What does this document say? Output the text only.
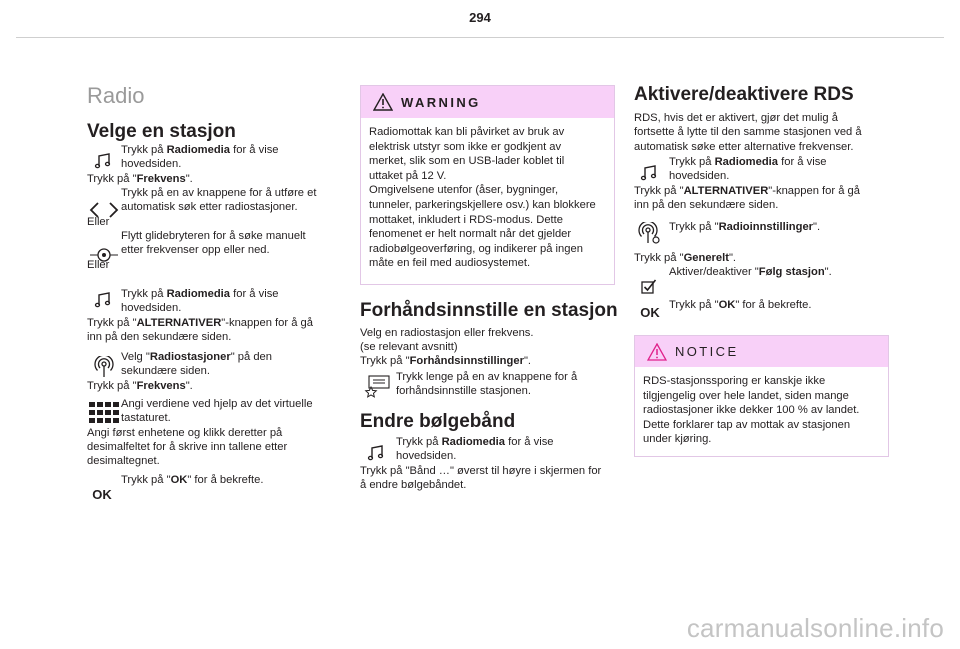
294
Radio
Velge en stasjon
Trykk på Radiomedia for å vise
hovedsiden.
Trykk på "Frekvens".
Trykk på en av knappene for å utføre et
automatisk søk etter radiostasjoner.
Eller
Flytt glidebryteren for å søke manuelt
etter frekvenser opp eller ned.
Eller
Trykk på Radiomedia for å vise
hovedsiden.
Trykk på "ALTERNATIVER"-knappen for å gå
inn på den sekundære siden.
Velg "Radiostasjoner" på den
sekundære siden.
Trykk på "Frekvens".
Angi verdiene ved hjelp av det virtuelle
tastaturet.
Angi først enhetene og klikk deretter på
desimalfeltet for å skrive inn tallene etter
desimaltegnet.
OK
Trykk på "OK" for å bekrefte.
WARNING
Radiomottak kan bli påvirket av bruk av
elektrisk utstyr som ikke er godkjent av
merket, slik som en USB-lader koblet til
uttaket på 12 V.
Omgivelsene utenfor (åser, bygninger,
tunneler, parkeringskjellere osv.) kan blokkere
mottaket, inkludert i RDS-modus. Dette
fenomenet er helt normalt når det gjelder
radiobølgeoverføring, og indikerer på ingen
måte en feil med audiosystemet.
Forhåndsinnstille en stasjon
Velg en radiostasjon eller frekvens.
(se relevant avsnitt)
Trykk på "Forhåndsinnstillinger".
Trykk lenge på en av knappene for å
forhåndsinnstille stasjonen.
Endre bølgebånd
Trykk på Radiomedia for å vise
hovedsiden.
Trykk på "Bånd …" øverst til høyre i skjermen for
å endre bølgebåndet.
Aktivere/deaktivere RDS
RDS, hvis det er aktivert, gjør det mulig å
fortsette å lytte til den samme stasjonen ved å
automatisk søke etter alternative frekvenser.
Trykk på Radiomedia for å vise
hovedsiden.
Trykk på "ALTERNATIVER"-knappen for å gå
inn på den sekundære siden.
Trykk på "Radioinnstillinger".
Trykk på "Generelt".
Aktiver/deaktiver "Følg stasjon".
OK Trykk på "OK" for å bekrefte.
NOTICE
RDS-stasjonssporing er kanskje ikke
tilgjengelig over hele landet, siden mange
radiostasjoner ikke dekker 100 % av landet.
Dette forklarer tap av mottak av stasjonen
under kjøring.
carmanualsonline.info
